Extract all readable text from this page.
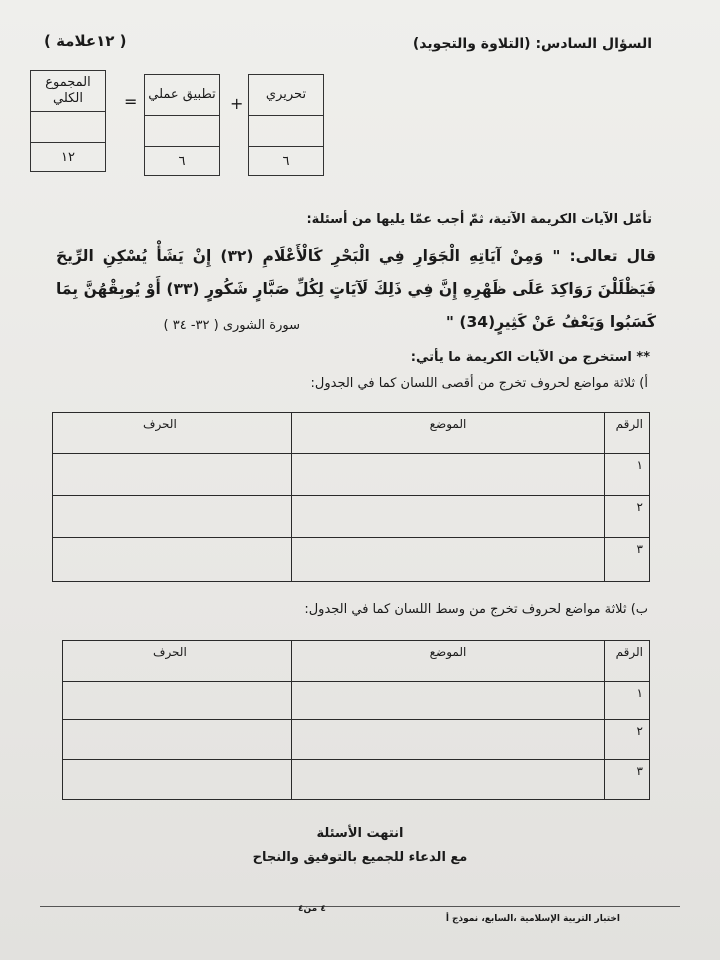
السؤال السادس: (التلاوة والتجويد)
( ١٢علامة )
تحريري
٦
+
تطبيق عملي
٦
=
المجموع الكلي
١٢
تأمّل الآيات الكريمة الآتية، ثمّ أجب عمّا يليها من أسئلة:
قال تعالى: " وَمِنْ آيَاتِهِ الْجَوَارِ فِي الْبَحْرِ كَالْأَعْلَامِ (٣٢) إِنْ يَشَأْ يُسْكِنِ الرِّيحَ فَيَظْلَلْنَ رَوَاكِدَ عَلَى ظَهْرِهِ إِنَّ فِي ذَلِكَ لَآيَاتٍ لِكُلِّ صَبَّارٍ شَكُورٍ (٣٣) أَوْ يُوبِقْهُنَّ بِمَا كَسَبُوا وَيَعْفُ عَنْ كَثِيرٍ(34) "
سورة الشورى ( ٣٢- ٣٤ )
** استخرج من الآيات الكريمة ما يأتي:
أ) ثلاثة مواضع لحروف تخرج من أقصى اللسان كما في الجدول:
الرقم	الموضع	الحرف
١		
٢		
٣		
ب) ثلاثة مواضع لحروف تخرج من وسط اللسان كما في الجدول:
الرقم	الموضع	الحرف
١		
٢		
٣		
انتهت الأسئلة
مع الدعاء للجميع بالتوفيق والنجاح
اختبار التربية الإسلامية ،السابع، نموذج أ
٤ من٤
